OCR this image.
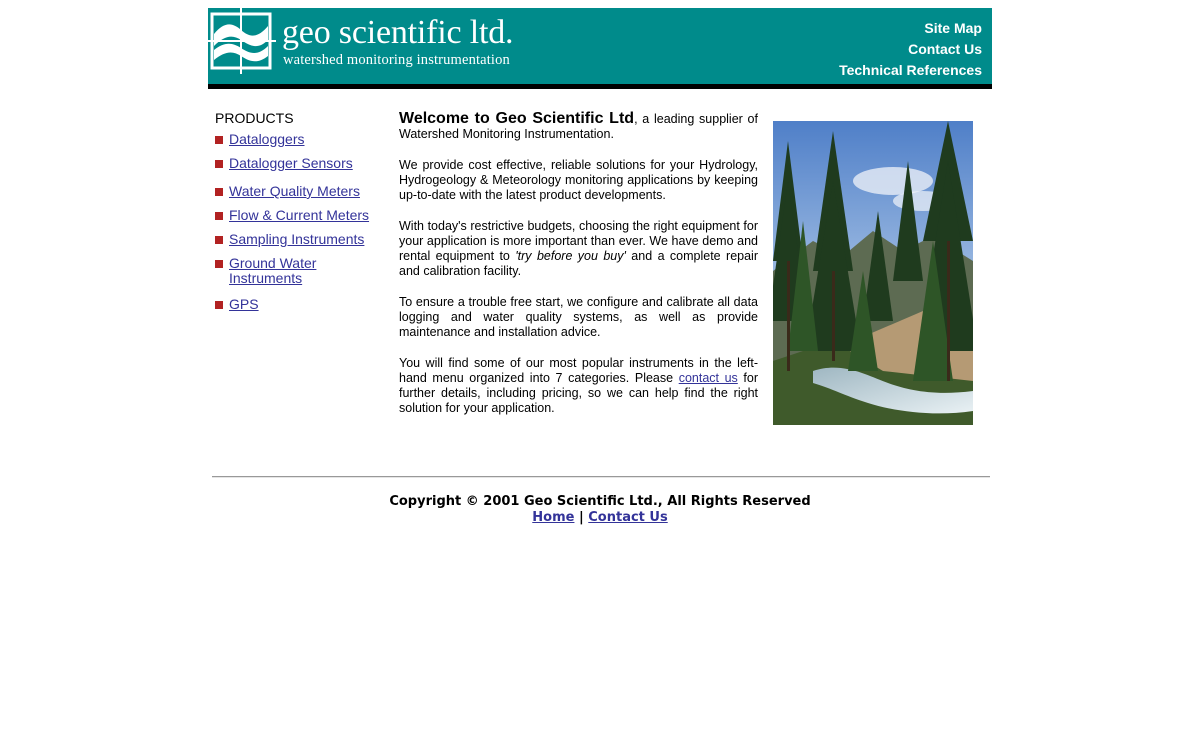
geo scientific ltd.
watershed monitoring instrumentation
Site Map
Contact Us
Technical References
PRODUCTS
Dataloggers
Datalogger Sensors
Water Quality Meters
Flow & Current Meters
Sampling Instruments
Ground Water Instruments
GPS

Welcome to Geo Scientific Ltd, a leading supplier of Watershed Monitoring Instrumentation.

We provide cost effective, reliable solutions for your Hydrology, Hydrogeology & Meteorology monitoring applications by keeping up-to-date with the latest product developments.

With today's restrictive budgets, choosing the right equipment for your application is more important than ever. We have demo and rental equipment to 'try before you buy' and a complete repair and calibration facility.

To ensure a trouble free start, we configure and calibrate all data logging and water quality systems, as well as provide maintenance and installation advice.

You will find some of our most popular instruments in the left-hand menu organized into 7 categories. Please contact us for further details, including pricing, so we can help find the right solution for your application.

Copyright © 2001 Geo Scientific Ltd., All Rights Reserved
Home | Contact Us
